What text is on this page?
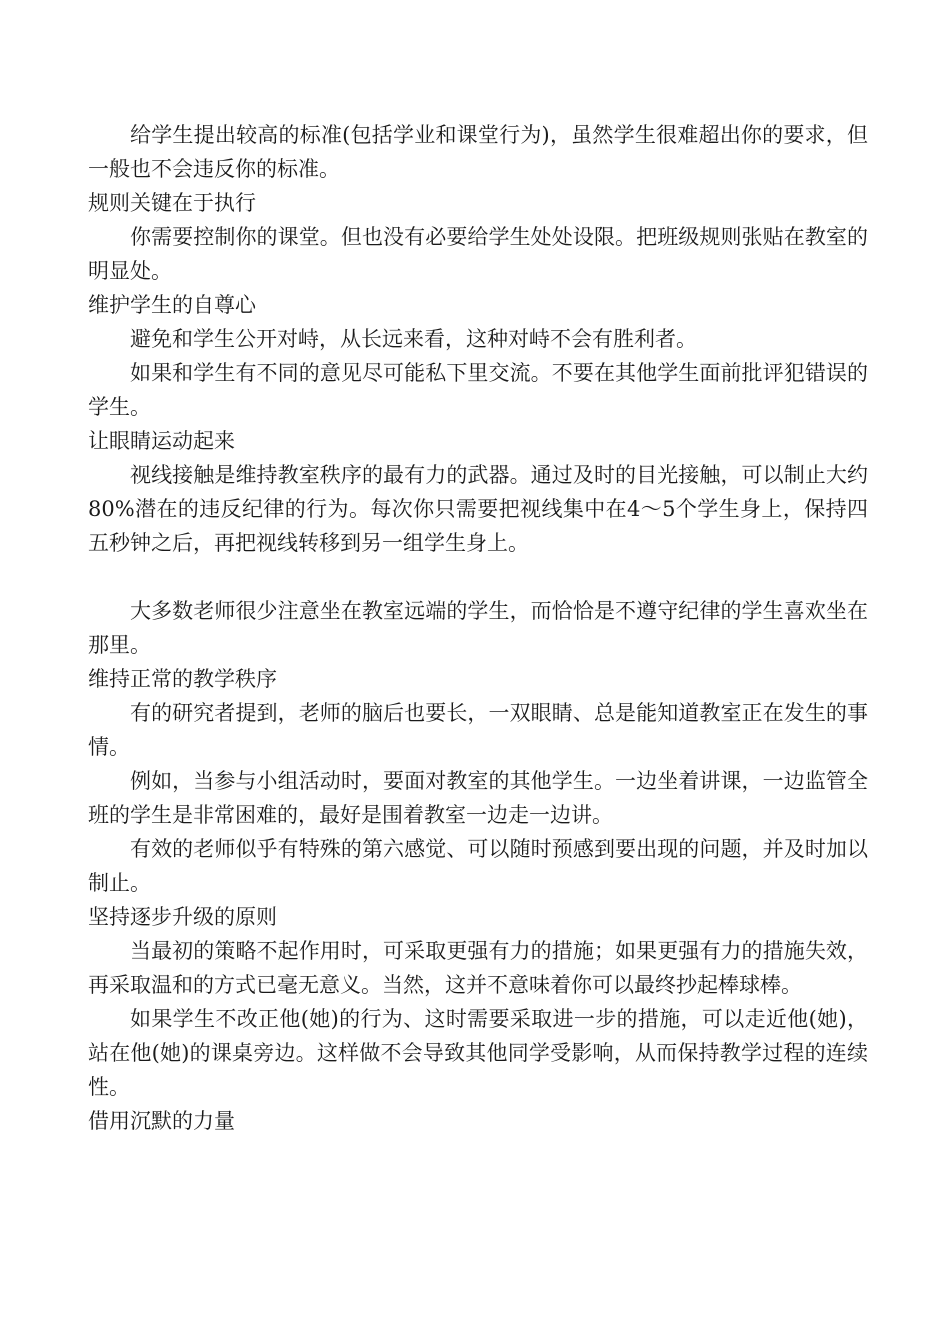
给学生提出较高的标准(包括学业和课堂行为)，虽然学生很难超出你的要求，但一般也不会违反你的标准。

规则关键在于执行

你需要控制你的课堂。但也没有必要给学生处处设限。把班级规则张贴在教室的明显处。

维护学生的自尊心

避免和学生公开对峙，从长远来看，这种对峙不会有胜利者。

如果和学生有不同的意见尽可能私下里交流。不要在其他学生面前批评犯错误的学生。

让眼睛运动起来

视线接触是维持教室秩序的最有力的武器。通过及时的目光接触，可以制止大约80%潜在的违反纪律的行为。每次你只需要把视线集中在4～5个学生身上，保持四五秒钟之后，再把视线转移到另一组学生身上。

大多数老师很少注意坐在教室远端的学生，而恰恰是不遵守纪律的学生喜欢坐在那里。

维持正常的教学秩序

有的研究者提到，老师的脑后也要长，一双眼睛、总是能知道教室正在发生的事情。

例如，当参与小组活动时，要面对教室的其他学生。一边坐着讲课，一边监管全班的学生是非常困难的，最好是围着教室一边走一边讲。

有效的老师似乎有特殊的第六感觉、可以随时预感到要出现的问题，并及时加以制止。

坚持逐步升级的原则

当最初的策略不起作用时，可采取更强有力的措施；如果更强有力的措施失效，再采取温和的方式已毫无意义。当然，这并不意味着你可以最终抄起棒球棒。

如果学生不改正他(她)的行为、这时需要采取进一步的措施，可以走近他(她)，站在他(她)的课桌旁边。这样做不会导致其他同学受影响，从而保持教学过程的连续性。

借用沉默的力量
